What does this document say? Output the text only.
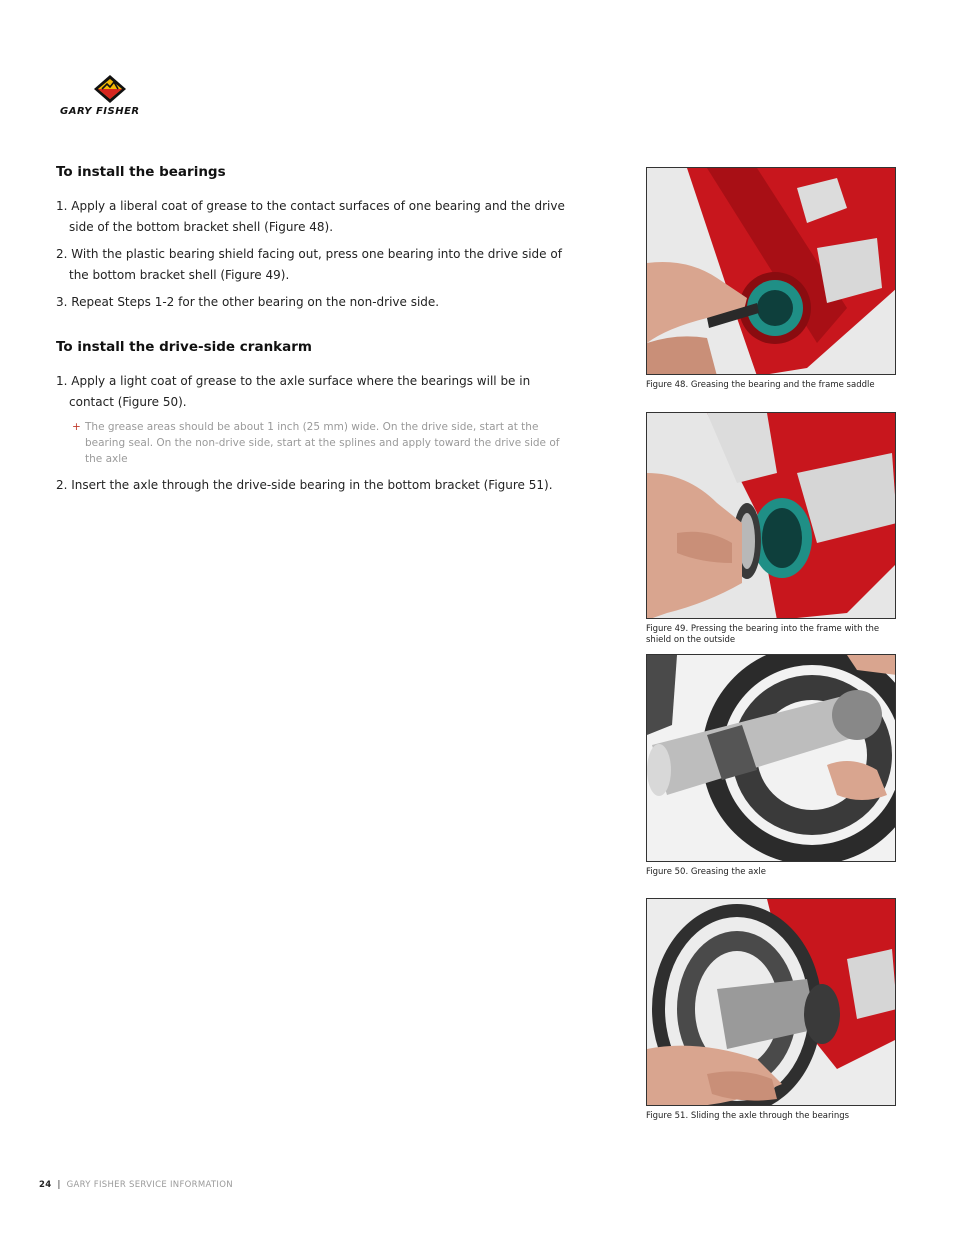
GARY FISHER
To install the bearings
1. Apply a liberal coat of grease to the contact surfaces of one bearing and the drive side of the bottom bracket shell (Figure 48).
2. With the plastic bearing shield facing out, press one bearing into the drive side of the bottom bracket shell (Figure 49).
3. Repeat Steps 1-2 for the other bearing on the non-drive side.
To install the drive-side crankarm
1. Apply a light coat of grease to the axle surface where the bearings will be in contact (Figure 50).
+ The grease areas should be about 1 inch (25 mm) wide. On the drive side, start at the bearing seal. On the non-drive side, start at the splines and apply toward the drive side of the axle
2. Insert the axle through the drive-side bearing in the bottom bracket (Figure 51).
Figure 48. Greasing the bearing and the frame saddle
Figure 49. Pressing the bearing into the frame with the shield on the outside
Figure 50. Greasing the axle
Figure 51. Sliding the axle through the bearings
24 | GARY FISHER SERVICE INFORMATION
